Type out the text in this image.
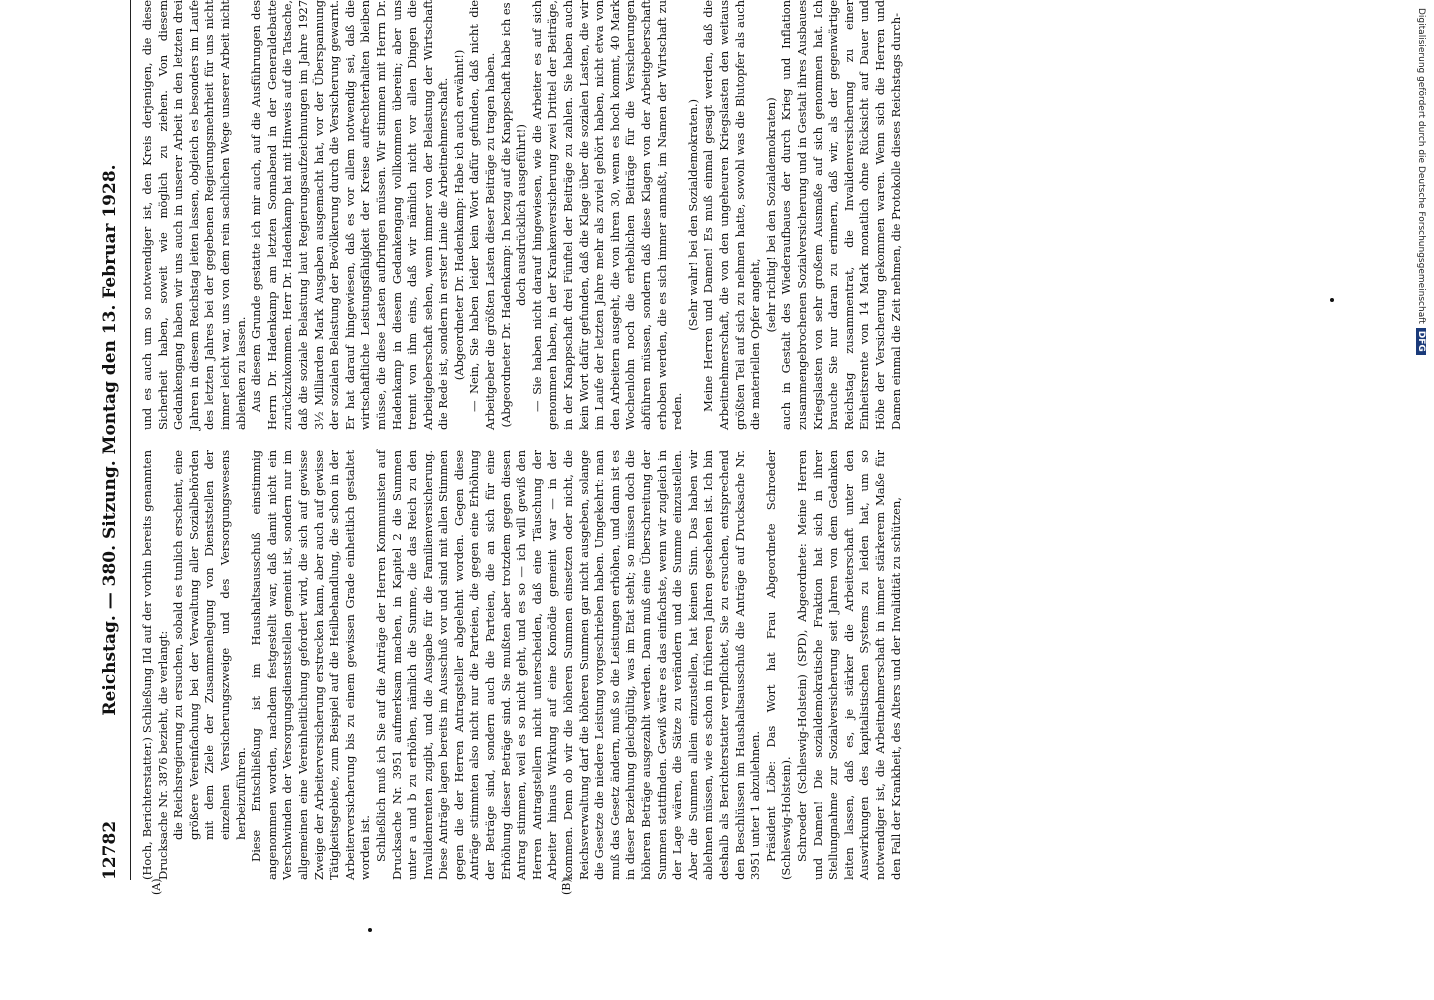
12782
Reichstag. — 380. Sitzung. Montag den 13. Februar 1928.
(A)	(B)

(Hoch, Berichterstatter.) Schließung IId auf der vorhin bereits genannten Drucksache Nr. 3876 bezieht, die verlangt: die Reichsregierung zu ersuchen, sobald es tunlich erscheint, eine größere Vereinfachung bei der Verwaltung aller Sozialbehörden mit dem Ziele der Zusammenlegung von Dienststellen der einzelnen Versicherungszweige und des Versorgungswesens herbeizuführen. Diese Entschließung ist im Haushaltsausschuß einstimmig angenommen worden, nachdem festgestellt war, daß damit nicht ein Verschwinden der Versorgungsdienststellen gemeint ist, sondern nur im allgemeinen eine Vereinheitlichung gefordert wird, die sich auf gewisse Zweige der Arbeiterversicherung erstrecken kann, aber auch auf gewisse Tätigkeitsgebiete, zum Beispiel auf die Heilbehandlung, die schon in der Arbeiterversicherung bis zu einem gewissen Grade einheitlich gestaltet worden ist. Schließlich muß ich Sie auf die Anträge der Herren Kommunisten auf Drucksache Nr. 3951 aufmerksam machen, in Kapitel 2 die Summen unter a und b zu erhöhen, nämlich die Summe, die das Reich zu den Invalidenrenten zugibt, und die Ausgabe für die Familienversicherung. Diese Anträge lagen bereits im Ausschuß vor und sind mit allen Stimmen gegen die der Herren Antragsteller abgelehnt worden. Gegen diese Anträge stimmten also nicht nur die Parteien, die gegen eine Erhöhung der Beträge sind, sondern auch die Parteien, die an sich für eine Erhöhung dieser Beträge sind. Sie mußten aber trotzdem gegen diesen Antrag stimmen, weil es so nicht geht, und es so — ich will gewiß den Herren Antragstellern nicht unterscheiden, daß eine Täuschung der Arbeiter hinaus Wirkung auf eine Komödie gemeint war — in der kommen. Denn ob wir die höheren Summen einsetzen oder nicht, die Reichsverwaltung darf die höheren Summen gar nicht ausgeben, solange die Gesetze die niedere Leistung vorgeschrieben haben. Umgekehrt: man muß das Gesetz ändern, muß so die Leistungen erhöhen, und dann ist es in dieser Beziehung gleichgültig, was im Etat steht; so müssen doch die höheren Beträge ausgezahlt werden. Dann muß eine Überschreitung der Summen stattfinden. Gewiß wäre es das einfachste, wenn wir zugleich in der Lage wären, die Sätze zu verändern und die Summe einzustellen. Aber die Summen allein einzustellen, hat keinen Sinn. Das haben wir ablehnen müssen, wie es schon in früheren Jahren geschehen ist. Ich bin deshalb als Berichterstatter verpflichtet, Sie zu ersuchen, entsprechend den Beschlüssen im Haushaltsausschuß die Anträge auf Drucksache Nr. 3951 unter 1 abzulehnen. Präsident Löbe: Das Wort hat Frau Abgeordnete Schroeder (Schleswig-Holstein). Schroeder (Schleswig-Holstein) (SPD), Abgeordnete: Meine Herren und Damen! Die sozialdemokratische Fraktion hat sich in ihrer Stellungnahme zur Sozialversicherung seit Jahren von dem Gedanken leiten lassen, daß es, je stärker die Arbeiterschaft unter den Auswirkungen des kapitalistischen Systems zu leiden hat, um so notwendiger ist, die Arbeitnehmerschaft in immer stärkerem Maße für den Fall der Krankheit, des Alters und der Invalidität zu schützen,

und es auch um so notwendiger ist, den Kreis derjenigen, die diese Sicherheit haben, soweit wie möglich zu ziehen. Von diesem Gedankengang haben wir uns auch in unserer Arbeit in den letzten drei Jahren in diesem Reichstag leiten lassen, obgleich es besonders im Laufe des letzten Jahres bei der gegebenen Regierungsmehrheit für uns nicht immer leicht war, uns von dem rein sachlichen Wege unserer Arbeit nicht ablenken zu lassen. Aus diesem Grunde gestatte ich mir auch, auf die Ausführungen des Herrn Dr. Hadenkamp am letzten Sonnabend in der Generaldebatte zurückzukommen. Herr Dr. Hadenkamp hat mit Hinweis auf die Tatsache, daß die soziale Belastung laut Regierungsaufzeichnungen im Jahre 1927 3½ Milliarden Mark Ausgaben ausgemacht hat, vor der Überspannung der sozialen Belastung der Bevölkerung durch die Versicherung gewarnt. Er hat darauf hingewiesen, daß es vor allem notwendig sei, daß die wirtschaftliche Leistungsfähigkeit der Kreise aufrechterhalten bleiben müsse, die diese Lasten aufbringen müssen. Wir stimmen mit Herrn Dr. Hadenkamp in diesem Gedankengang vollkommen überein; aber uns trennt von ihm eins, daß wir nämlich nicht vor allen Dingen die Arbeitgeberschaft sehen, wenn immer von der Belastung der Wirtschaft die Rede ist, sondern in erster Linie die Arbeitnehmerschaft. (Abgeordneter Dr. Hadenkamp: Habe ich auch erwähnt!) — Nein, Sie haben leider kein Wort dafür gefunden, daß nicht die Arbeitgeber die größten Lasten dieser Beiträge zu tragen haben. (Abgeordneter Dr. Hadenkamp: In bezug auf die Knappschaft habe ich es doch ausdrücklich ausgeführt!) — Sie haben nicht darauf hingewiesen, wie die Arbeiter es auf sich genommen haben, in der Krankenversicherung zwei Drittel der Beiträge, in der Knappschaft drei Fünftel der Beiträge zu zahlen. Sie haben auch kein Wort dafür gefunden, daß die Klage über die sozialen Lasten, die wir im Laufe der letzten Jahre mehr als zuviel gehört haben, nicht etwa von den Arbeitern ausgeht, die von ihren 30, wenn es hoch kommt, 40 Mark Wochenlohn noch die erheblichen Beiträge für die Versicherungen abführen müssen, sondern daß diese Klagen von der Arbeitgeberschaft erhoben werden, die es sich immer anmaßt, im Namen der Wirtschaft zu reden.

(Sehr wahr! bei den Sozialdemokraten.) Meine Herren und Damen! Es muß einmal gesagt werden, daß die Arbeitnehmerschaft, die von den ungeheuren Kriegslasten den weitaus größten Teil auf sich zu nehmen hatte, sowohl was die Blutopfer als auch die materiellen Opfer angeht,

(sehr richtig! bei den Sozialdemokraten) auch in Gestalt des Wiederaufbaues der durch Krieg und Inflation zusammengebrochenen Sozialversicherung und in Gestalt ihres Ausbaues Kriegslasten von sehr großem Ausmaße auf sich genommen hat. Ich brauche Sie nur daran zu erinnern, daß wir, als der gegenwärtige Reichstag zusammentrat, die Invalidenversicherung zu einer Einheitsrente von 14 Mark monatlich ohne Rücksicht auf Dauer und Höhe der Versicherung gekommen waren. Wenn sich die Herren und Damen einmal die Zeit nehmen, die Protokolle dieses Reichstags durch-	Digitalisierung gefördert durch die Deutsche ForschungsgemeinschaftDFG
